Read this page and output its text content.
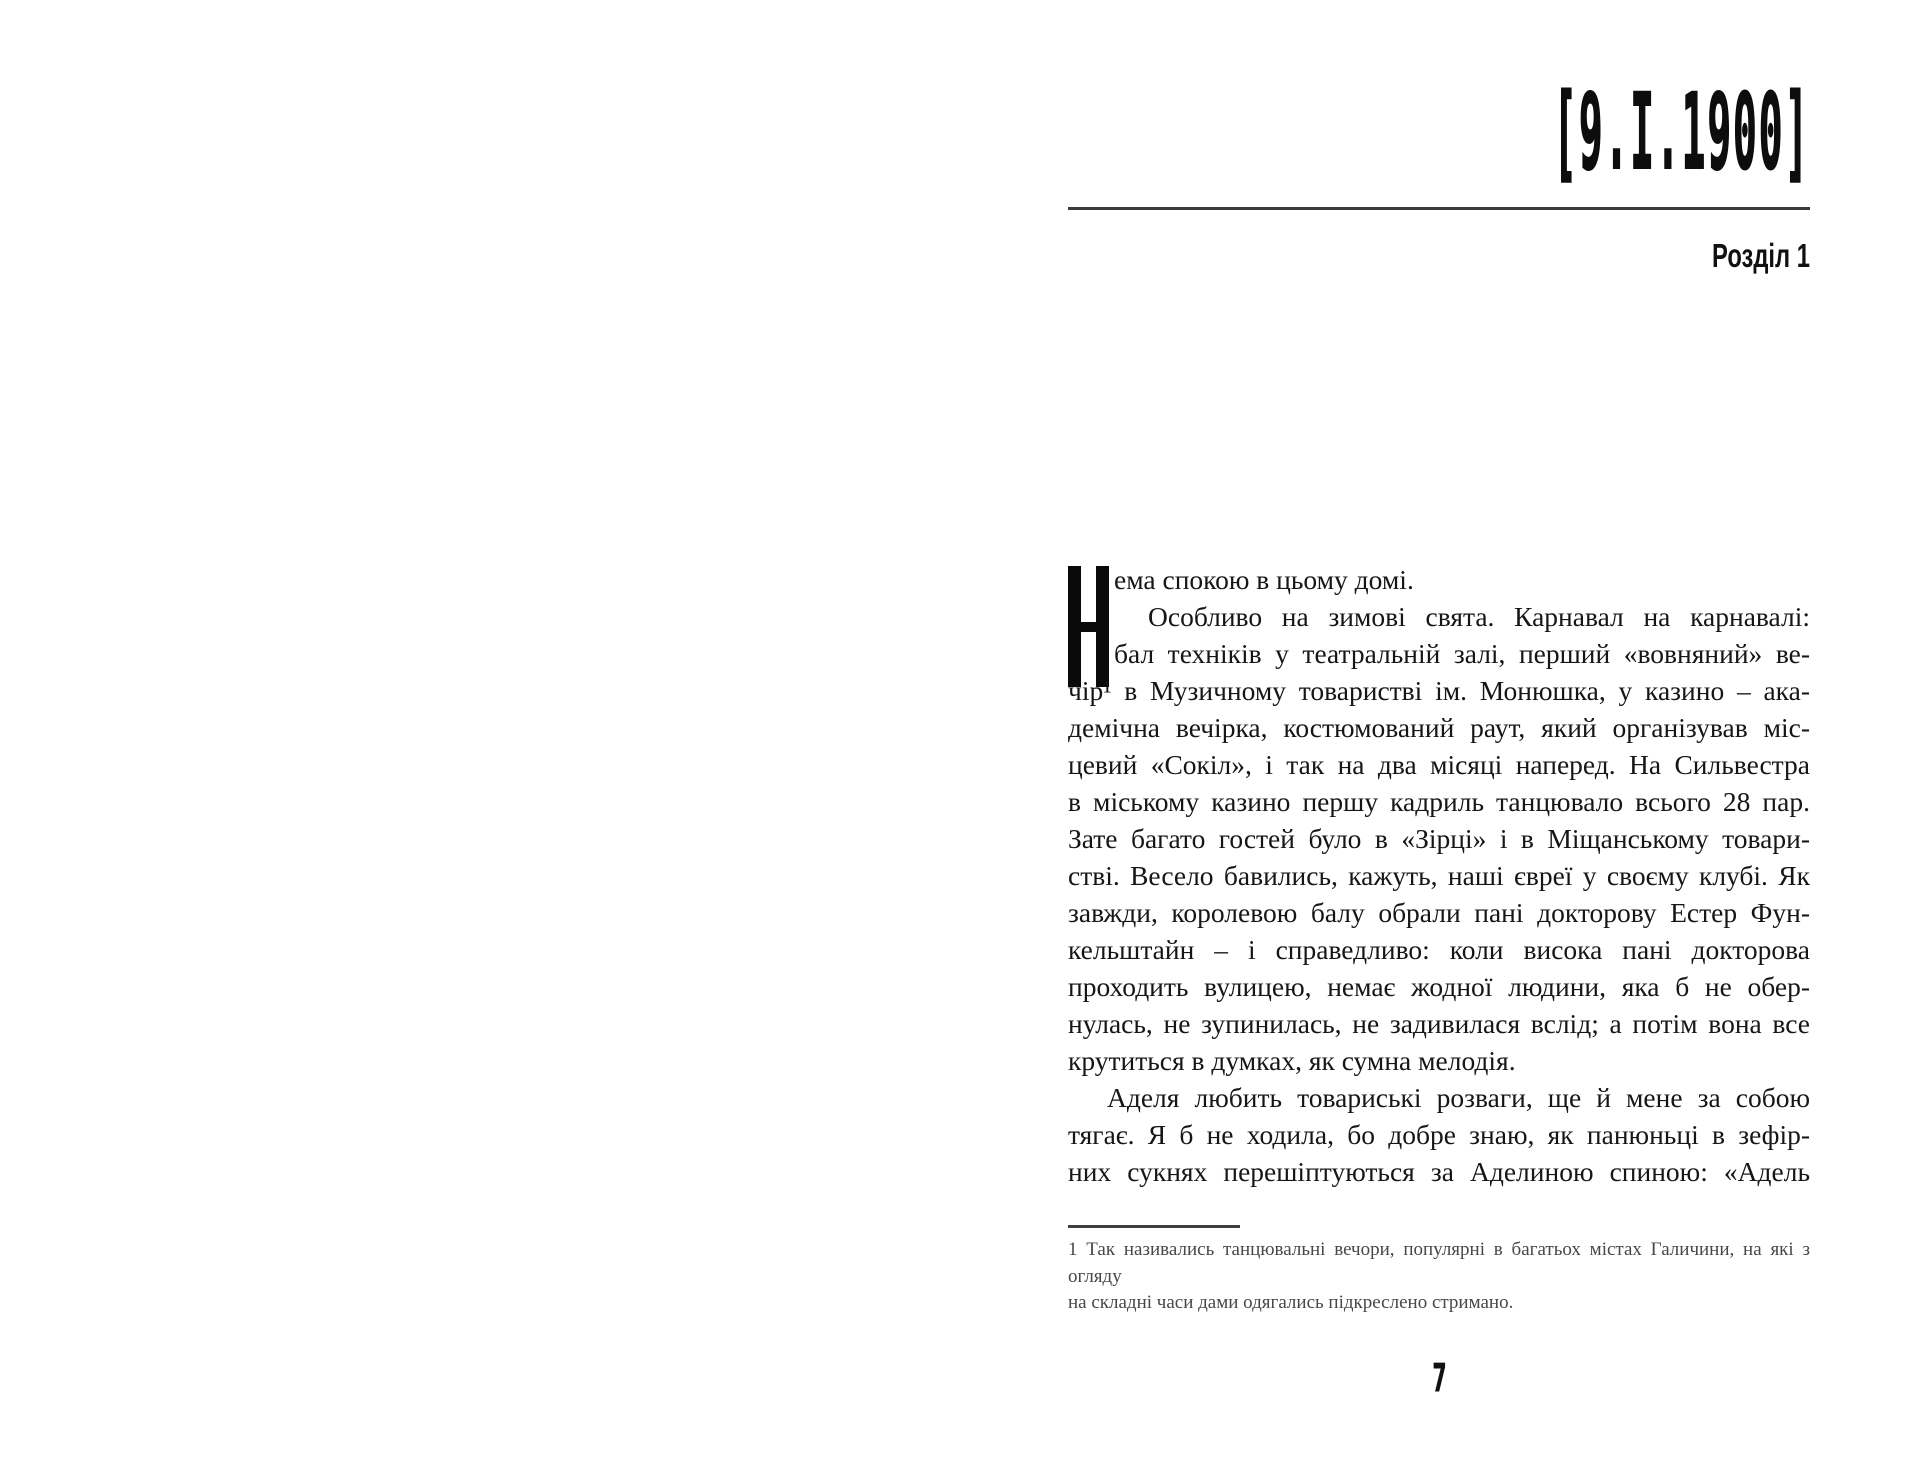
[9.I.1900]
Розділ 1
ема спокою в цьому домі.
Особливо на зимові свята. Карнавал на карнавалі:
бал техніків у театральній залі, перший «вовняний» ве-
чір¹ в Музичному товаристві ім. Монюшка, у казино – ака-
демічна вечірка, костюмований раут, який організував міс-
цевий «Сокіл», і так на два місяці наперед. На Сильвестра
в міському казино першу кадриль танцювало всього 28 пар.
Зате багато гостей було в «Зірці» і в Міщанському товари-
стві. Весело бавились, кажуть, наші євреї у своєму клубі. Як
завжди, королевою балу обрали пані докторову Естер Фун-
кельштайн – і справедливо: коли висока пані докторова
проходить вулицею, немає жодної людини, яка б не обер-
нулась, не зупинилась, не задивилася вслід; а потім вона все
крутиться в думках, як сумна мелодія.
Аделя любить товариські розваги, ще й мене за собою
тягає. Я б не ходила, бо добре знаю, як панюньці в зефір-
них сукнях перешіптуються за Аделиною спиною: «Адель
1 Так називались танцювальні вечори, популярні в багатьох містах Галичини, на які з огляду
на складні часи дами одягались підкреслено стримано.
7
